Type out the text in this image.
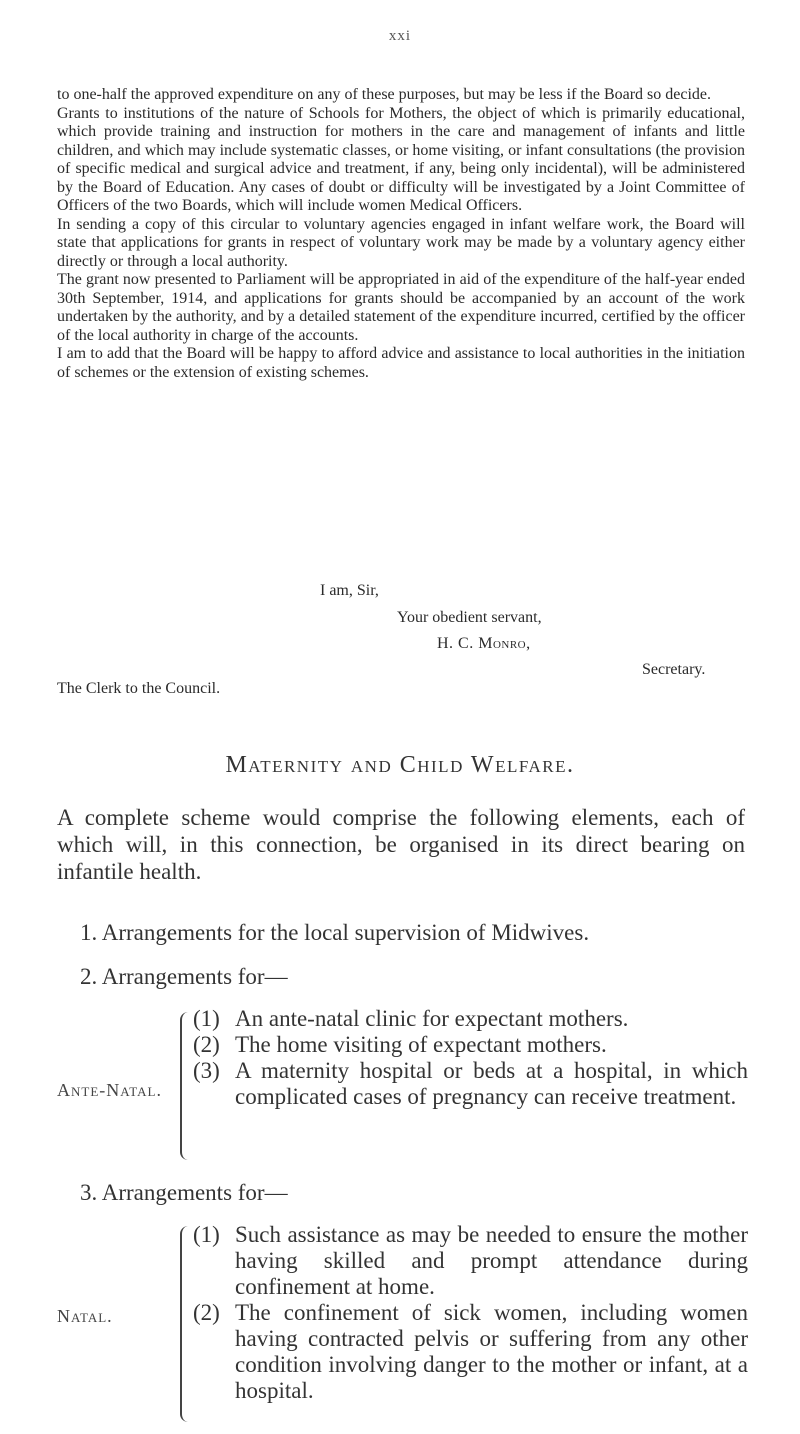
xxi

to one-half the approved expenditure on any of these purposes, but may be less if the Board so decide.

Grants to institutions of the nature of Schools for Mothers, the object of which is primarily educational, which provide training and instruction for mothers in the care and management of infants and little children, and which may include systematic classes, or home visiting, or infant consultations (the provision of specific medical and surgical advice and treatment, if any, being only incidental), will be administered by the Board of Education. Any cases of doubt or difficulty will be investigated by a Joint Committee of Officers of the two Boards, which will include women Medical Officers.

In sending a copy of this circular to voluntary agencies engaged in infant welfare work, the Board will state that applications for grants in respect of voluntary work may be made by a voluntary agency either directly or through a local authority.

The grant now presented to Parliament will be appropriated in aid of the expenditure of the half-year ended 30th September, 1914, and applications for grants should be accompanied by an account of the work undertaken by the authority, and by a detailed statement of the expenditure incurred, certified by the officer of the local authority in charge of the accounts.

I am to add that the Board will be happy to afford advice and assistance to local authorities in the initiation of schemes or the extension of existing schemes.

I am, Sir,
Your obedient servant,
H. C. Monro,
Secretary.
The Clerk to the Council.
Maternity and Child Welfare.
A complete scheme would comprise the following elements, each of which will, in this connection, be organised in its direct bearing on infantile health.
1. Arrangements for the local supervision of Midwives.
2. Arrangements for—
Ante-Natal.
(1) An ante-natal clinic for expectant mothers.
(2) The home visiting of expectant mothers.
(3) A maternity hospital or beds at a hospital, in which complicated cases of pregnancy can receive treatment.
3. Arrangements for—
Natal.
(1) Such assistance as may be needed to ensure the mother having skilled and prompt attendance during confinement at home.
(2) The confinement of sick women, including women having contracted pelvis or suffering from any other condition involving danger to the mother or infant, at a hospital.
